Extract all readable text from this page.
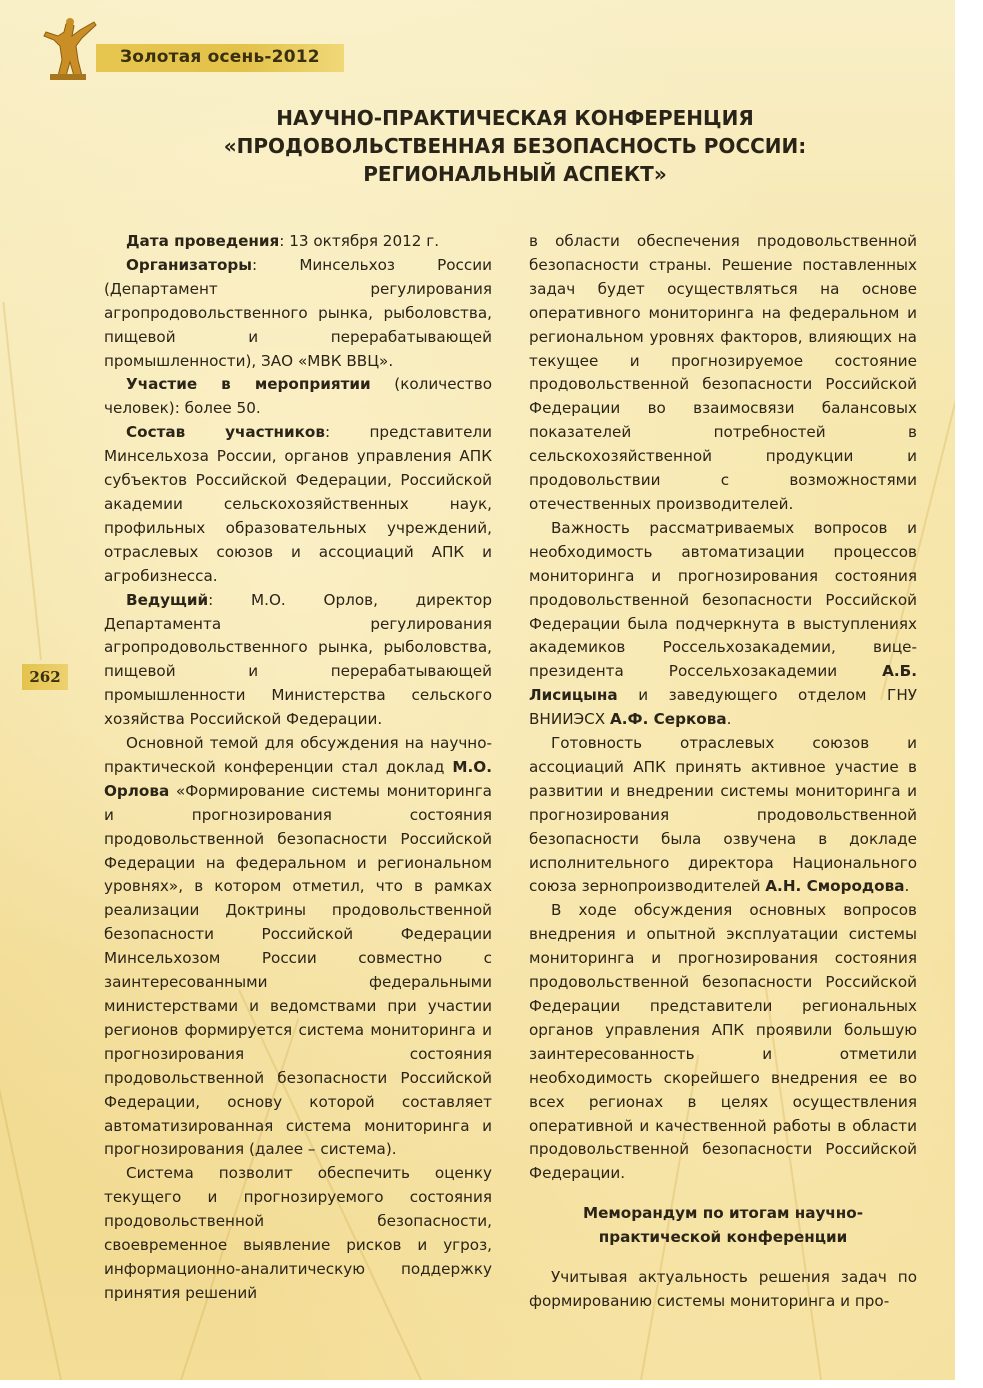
Золотая осень-2012
НАУЧНО-ПРАКТИЧЕСКАЯ КОНФЕРЕНЦИЯ
«ПРОДОВОЛЬСТВЕННАЯ БЕЗОПАСНОСТЬ РОССИИ:
РЕГИОНАЛЬНЫЙ АСПЕКТ»
262

Дата проведения: 13 октября 2012 г.

Организаторы: Минсельхоз России (Департамент регулирования агропродовольственного рынка, рыболовства, пищевой и перерабатывающей промышленности), ЗАО «МВК ВВЦ».

Участие в мероприятии (количество человек): более 50.

Состав участников: представители Минсельхоза России, органов управления АПК субъектов Российской Федерации, Российской академии сельскохозяйственных наук, профильных образовательных учреждений, отраслевых союзов и ассоциаций АПК и агробизнесса.

Ведущий: М.О. Орлов, директор Департамента регулирования агропродовольственного рынка, рыболовства, пищевой и перерабатывающей промышленности Министерства сельского хозяйства Российской Федерации.

Основной темой для обсуждения на научно-практической конференции стал доклад М.О. Орлова «Формирование системы мониторинга и прогнозирования состояния продовольственной безопасности Российской Федерации на федеральном и региональном уровнях», в котором отметил, что в рамках реализации Доктрины продовольственной безопасности Российской Федерации Минсельхозом России совместно с заинтересованными федеральными министерствами и ведомствами при участии регионов формируется система мониторинга и прогнозирования состояния продовольственной безопасности Российской Федерации, основу которой составляет автоматизированная система мониторинга и прогнозирования (далее – система).

Система позволит обеспечить оценку текущего и прогнозируемого состояния продовольственной безопасности, своевременное выявление рисков и угроз, информационно-аналитическую поддержку принятия решений

в области обеспечения продовольственной безопасности страны. Решение поставленных задач будет осуществляться на основе оперативного мониторинга на федеральном и региональном уровнях факторов, влияющих на текущее и прогнозируемое состояние продовольственной безопасности Российской Федерации во взаимосвязи балансовых показателей потребностей в сельскохозяйственной продукции и продовольствии с возможностями отечественных производителей.

Важность рассматриваемых вопросов и необходимость автоматизации процессов мониторинга и прогнозирования состояния продовольственной безопасности Российской Федерации была подчеркнута в выступлениях академиков Россельхозакадемии, вице-президента Россельхозакадемии А.Б. Лисицына и заведующего отделом ГНУ ВНИИЭСХ А.Ф. Серкова.

Готовность отраслевых союзов и ассоциаций АПК принять активное участие в развитии и внедрении системы мониторинга и прогнозирования продовольственной безопасности была озвучена в докладе исполнительного директора Национального союза зернопроизводителей А.Н. Смородова.

В ходе обсуждения основных вопросов внедрения и опытной эксплуатации системы мониторинга и прогнозирования состояния продовольственной безопасности Российской Федерации представители региональных органов управления АПК проявили большую заинтересованность и отметили необходимость скорейшего внедрения ее во всех регионах в целях осуществления оперативной и качественной работы в области продовольственной безопасности Российской Федерации.

Меморандум по итогам научно-
практической конференции

Учитывая актуальность решения задач по формированию системы мониторинга и про-
